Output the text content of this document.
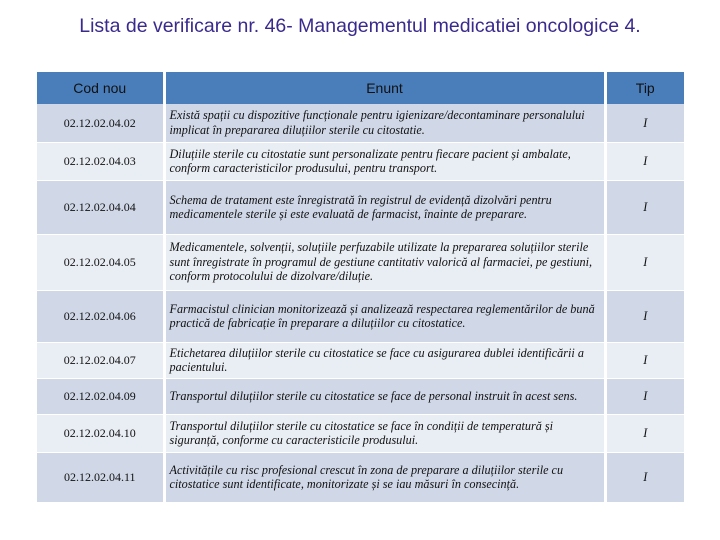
Lista de verificare nr. 46- Managementul medicatiei oncologice 4.
Cod nou	Enunt	Tip
02.12.02.04.02	Există spații cu dispozitive funcționale pentru igienizare/decontaminare personalului implicat în prepararea diluțiilor sterile cu citostatie.	I
02.12.02.04.03	Diluțiile sterile cu citostatie sunt personalizate pentru fiecare pacient și ambalate, conform caracteristicilor produsului, pentru transport.	I
02.12.02.04.04	Schema de tratament este înregistrată în registrul de evidență dizolvări pentru medicamentele sterile și este evaluată de farmacist, înainte de preparare.	I
02.12.02.04.05	Medicamentele, solvenții, soluțiile perfuzabile utilizate la prepararea soluțiilor sterile sunt înregistrate în programul de gestiune cantitativ valorică al farmaciei, pe gestiuni, conform protocolului de dizolvare/diluție.	I
02.12.02.04.06	Farmacistul clinician monitorizează și analizează respectarea reglementărilor de bună practică de fabricație în preparare a diluțiilor cu citostatice.	I
02.12.02.04.07	Etichetarea diluțiilor sterile cu citostatice se face cu asigurarea dublei identificării a pacientului.	I
02.12.02.04.09	Transportul diluțiilor sterile cu citostatice se face de personal instruit în acest sens.	I
02.12.02.04.10	Transportul diluțiilor sterile cu citostatice se face în condiții de temperatură și siguranță, conforme cu caracteristicile produsului.	I
02.12.02.04.11	Activitățile cu risc profesional crescut în zona de preparare a diluțiilor sterile cu citostatice sunt identificate, monitorizate și se iau măsuri în consecință.	I
